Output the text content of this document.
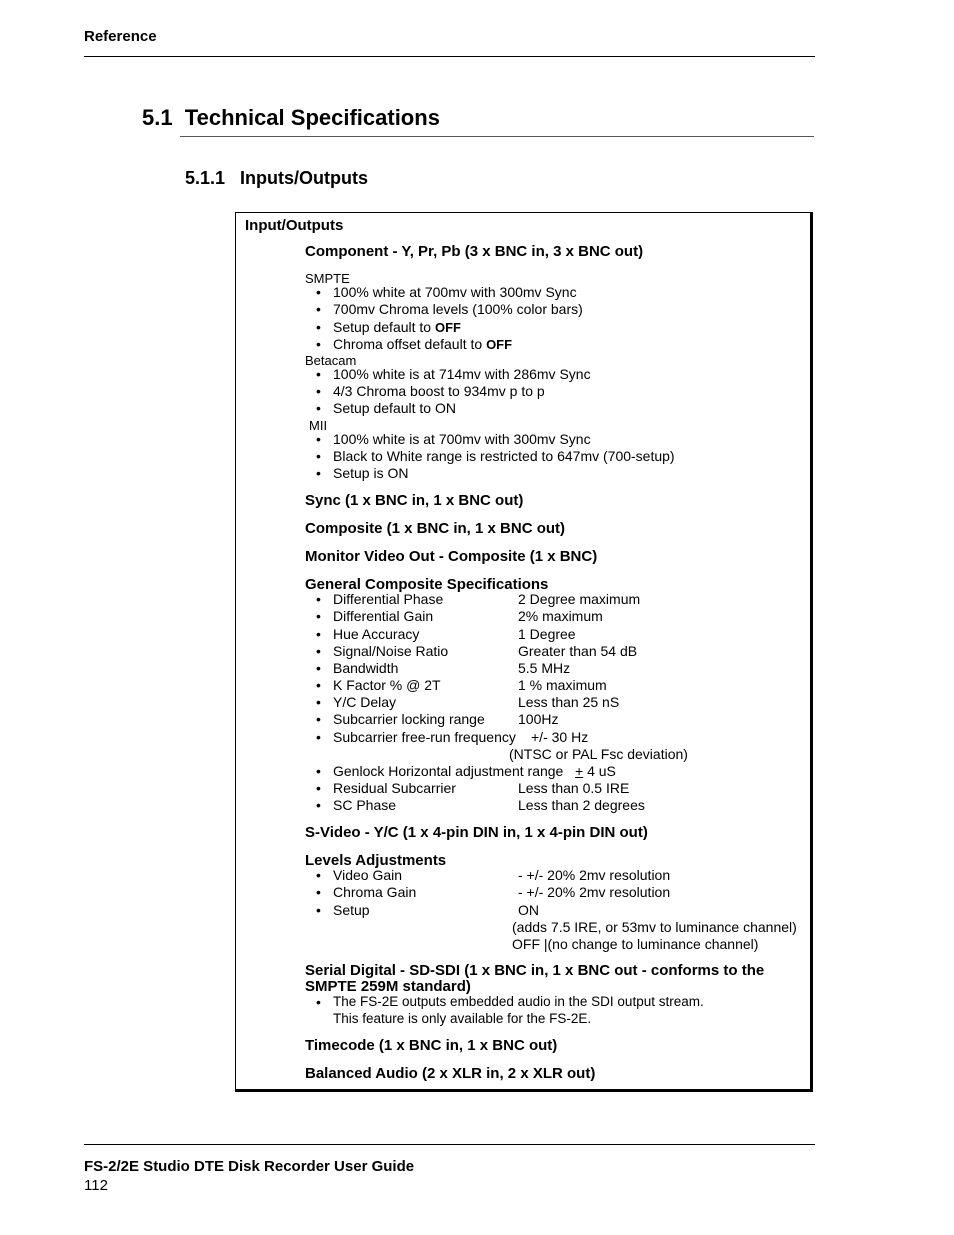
Reference
5.1  Technical Specifications
5.1.1   Inputs/Outputs
Input/Outputs
Component - Y, Pr, Pb (3 x BNC in, 3 x BNC out)
SMPTE
• 100% white at 700mv with 300mv Sync
• 700mv Chroma levels (100% color bars)
• Setup default to OFF
• Chroma offset default to OFF
Betacam
• 100% white is at 714mv with 286mv Sync
• 4/3 Chroma boost to 934mv p to p
• Setup default to ON
MII
• 100% white is at 700mv with 300mv Sync
• Black to White range is restricted to 647mv (700-setup)
• Setup is ON
Sync (1 x BNC in, 1 x BNC out)
Composite (1 x BNC in, 1 x BNC out)
Monitor Video Out - Composite (1 x BNC)
General Composite Specifications
• Differential Phase	2 Degree maximum
• Differential Gain	2% maximum
• Hue Accuracy	1 Degree
• Signal/Noise Ratio	Greater than 54 dB
• Bandwidth	5.5 MHz
• K Factor % @ 2T	1 % maximum
• Y/C Delay	Less than 25 nS
• Subcarrier locking range 100Hz
• Subcarrier free-run frequency +/- 30 Hz
(NTSC or PAL Fsc deviation)
• Genlock Horizontal adjustment range + 4 uS
• Residual Subcarrier	Less than 0.5 IRE
• SC Phase	Less than 2 degrees
S-Video - Y/C (1 x 4-pin DIN in, 1 x 4-pin DIN out)
Levels Adjustments
• Video Gain	- +/- 20% 2mv resolution
• Chroma Gain	- +/- 20% 2mv resolution
• Setup	ON
(adds 7.5 IRE, or 53mv to luminance channel)
OFF |(no change to luminance channel)
Serial Digital - SD-SDI (1 x BNC in, 1 x BNC out - conforms to the
SMPTE 259M standard)
• The FS-2E outputs embedded audio in the SDI output stream.
This feature is only available for the FS-2E.
Timecode (1 x BNC in, 1 x BNC out)
Balanced Audio (2 x XLR in, 2 x XLR out)
FS-2/2E Studio DTE Disk Recorder User Guide
112
